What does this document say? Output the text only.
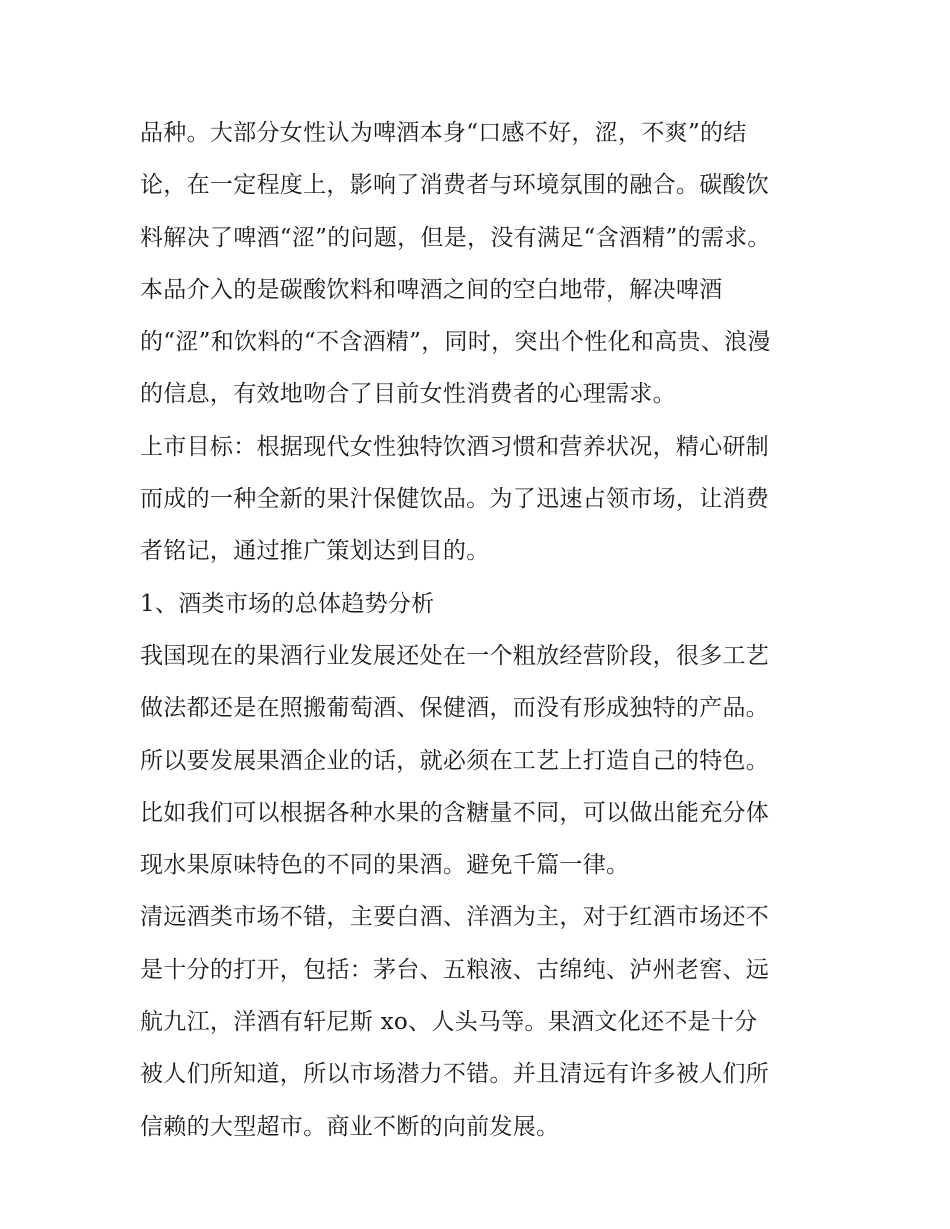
品种。大部分女性认为啤酒本身“口感不好，涩，不爽”的结
论，在一定程度上，影响了消费者与环境氛围的融合。碳酸饮
料解决了啤酒“涩”的问题，但是，没有满足“含酒精”的需求。
本品介入的是碳酸饮料和啤酒之间的空白地带，解决啤酒
的“涩”和饮料的“不含酒精”，同时，突出个性化和高贵、浪漫
的信息，有效地吻合了目前女性消费者的心理需求。
上市目标：根据现代女性独特饮酒习惯和营养状况，精心研制
而成的一种全新的果汁保健饮品。为了迅速占领市场，让消费
者铭记，通过推广策划达到目的。
1、酒类市场的总体趋势分析
我国现在的果酒行业发展还处在一个粗放经营阶段，很多工艺
做法都还是在照搬葡萄酒、保健酒，而没有形成独特的产品。
所以要发展果酒企业的话，就必须在工艺上打造自己的特色。
比如我们可以根据各种水果的含糖量不同，可以做出能充分体
现水果原味特色的不同的果酒。避免千篇一律。
清远酒类市场不错，主要白酒、洋酒为主，对于红酒市场还不
是十分的打开，包括：茅台、五粮液、古绵纯、泸州老窖、远
航九江，洋酒有轩尼斯 xo、人头马等。果酒文化还不是十分
被人们所知道，所以市场潜力不错。并且清远有许多被人们所
信赖的大型超市。商业不断的向前发展。
